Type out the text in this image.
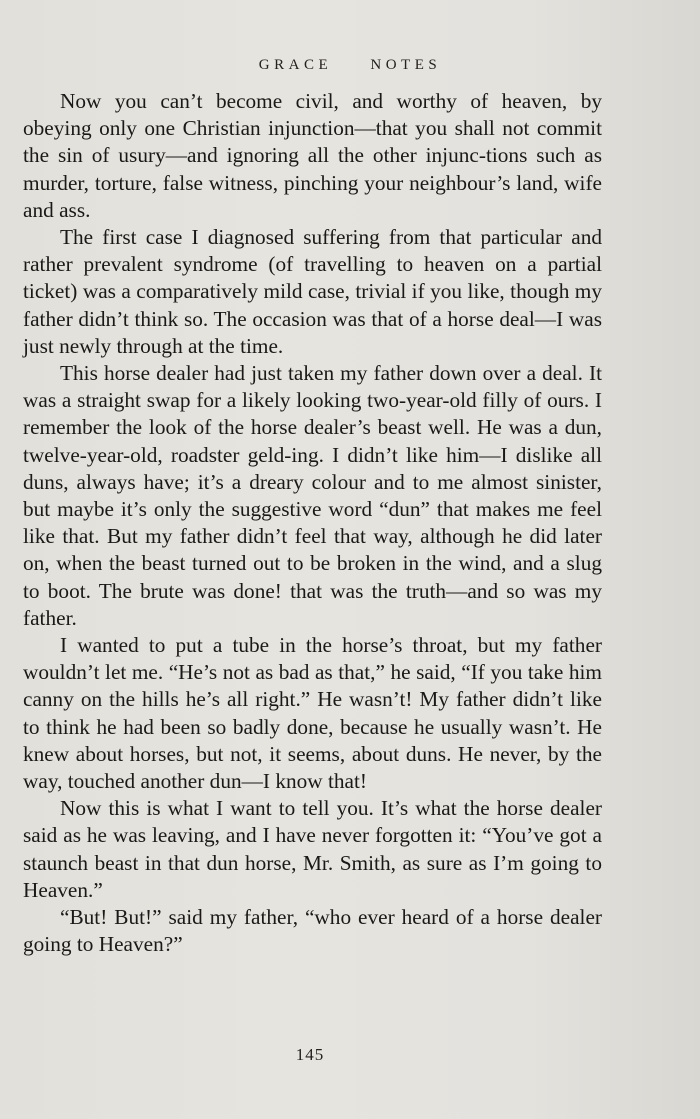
GRACE	NOTES

Now you can’t become civil, and worthy of heaven, by obeying only one Christian injunction—that you shall not commit the sin of usury—and ignoring all the other injunc-tions such as murder, torture, false witness, pinching your neighbour’s land, wife and ass.

The first case I diagnosed suffering from that particular and rather prevalent syndrome (of travelling to heaven on a partial ticket) was a comparatively mild case, trivial if you like, though my father didn’t think so. The occasion was that of a horse deal—I was just newly through at the time.

This horse dealer had just taken my father down over a deal. It was a straight swap for a likely looking two-year-old filly of ours. I remember the look of the horse dealer’s beast well. He was a dun, twelve-year-old, roadster geld-ing. I didn’t like him—I dislike all duns, always have; it’s a dreary colour and to me almost sinister, but maybe it’s only the suggestive word “dun” that makes me feel like that. But my father didn’t feel that way, although he did later on, when the beast turned out to be broken in the wind, and a slug to boot. The brute was done! that was the truth—and so was my father.

I wanted to put a tube in the horse’s throat, but my father wouldn’t let me. “He’s not as bad as that,” he said, “If you take him canny on the hills he’s all right.” He wasn’t! My father didn’t like to think he had been so badly done, because he usually wasn’t. He knew about horses, but not, it seems, about duns. He never, by the way, touched another dun—I know that!

Now this is what I want to tell you. It’s what the horse dealer said as he was leaving, and I have never forgotten it: “You’ve got a staunch beast in that dun horse, Mr. Smith, as sure as I’m going to Heaven.”

“But! But!” said my father, “who ever heard of a horse dealer going to Heaven?”

145
